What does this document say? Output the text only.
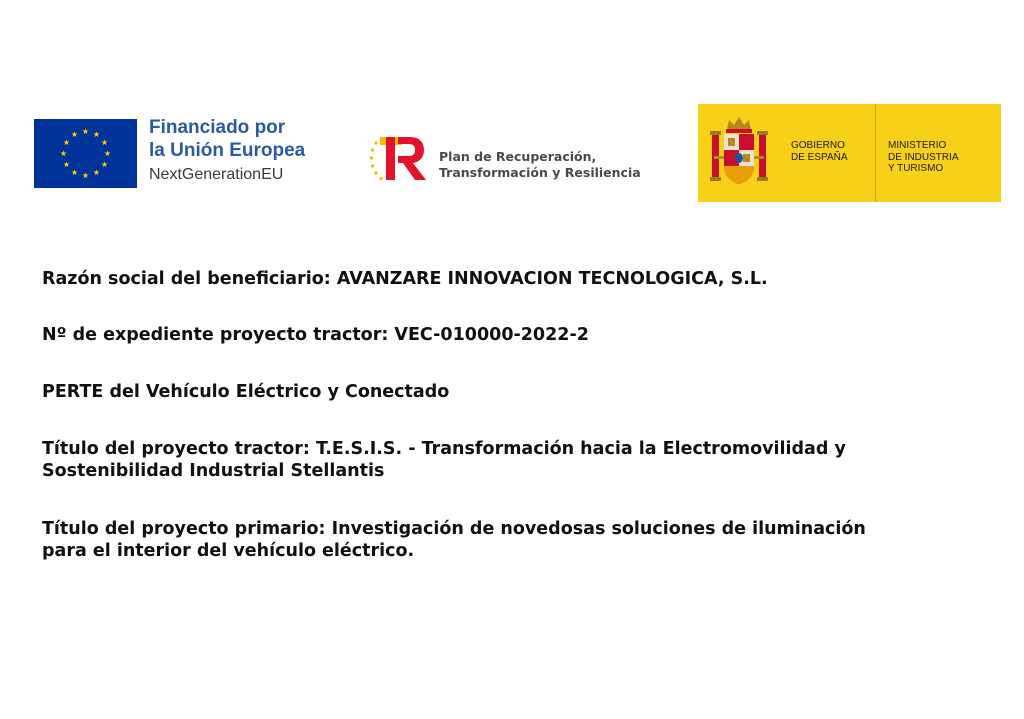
Financiado por
la Unión Europea
NextGenerationEU
Plan de Recuperación,
Transformación y Resiliencia
GOBIERNO
DE ESPAÑA
MINISTERIO
DE INDUSTRIA
Y TURISMO

Razón social del beneficiario: AVANZARE INNOVACION TECNOLOGICA, S.L.

Nº de expediente proyecto tractor: VEC-010000-2022-2

PERTE del Vehículo Eléctrico y Conectado

Título del proyecto tractor: T.E.S.I.S. - Transformación hacia la Electromovilidad y
Sostenibilidad Industrial Stellantis

Título del proyecto primario: Investigación de novedosas soluciones de iluminación
para el interior del vehículo eléctrico.
